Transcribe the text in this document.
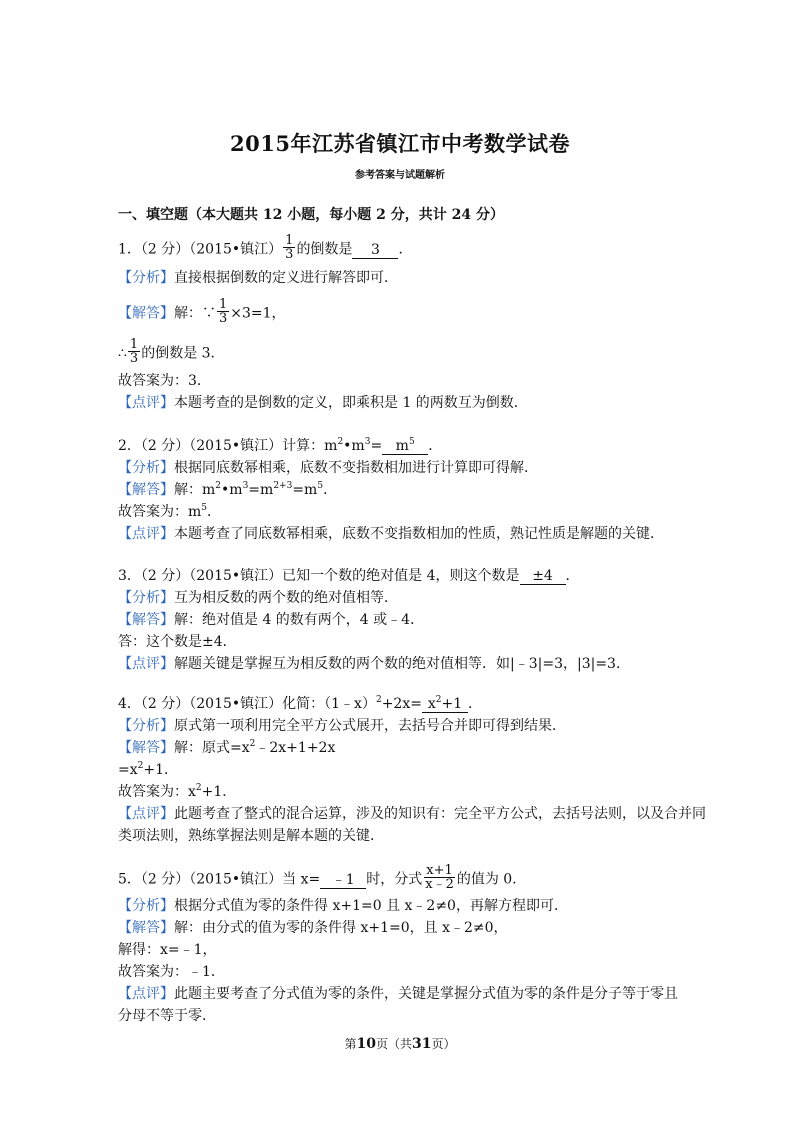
2015年江苏省镇江市中考数学试卷
参考答案与试题解析
一、填空题（本大题共 12 小题，每小题 2 分，共计 24 分）
1．（2 分）（2015•镇江） $\frac{1}{3}$ 的倒数是 3 ．
【分析】直接根据倒数的定义进行解答即可．
【解答】解：∵ $\frac{1}{3} \times 3=1$，
∴ $\frac{1}{3}$ 的倒数是 3．
故答案为：3．
【点评】本题考查的是倒数的定义，即乘积是 1 的两数互为倒数．
2．（2 分）（2015•镇江）计算：$m^2•m^3= m^5$ ．
【分析】根据同底数幂相乘，底数不变指数相加进行计算即可得解．
【解答】解：$m^2•m^3=m^{2+3}=m^5$．
故答案为：$m^5$．
【点评】本题考查了同底数幂相乘，底数不变指数相加的性质，熟记性质是解题的关键．
3．（2 分）（2015•镇江）已知一个数的绝对值是 4，则这个数是 ±4 ．
【分析】互为相反数的两个数的绝对值相等．
【解答】解：绝对值是 4 的数有两个，4 或﹣4．
答：这个数是±4．
【点评】解题关键是掌握互为相反数的两个数的绝对值相等．如|﹣3|=3，|3|=3．
4．（2 分）（2015•镇江）化简：（1﹣x）$^2$+2x= $x^2+1$ ．
【分析】原式第一项利用完全平方公式展开，去括号合并即可得到结果．
【解答】解：原式$=x^2﹣2x+1+2x$
$=x^2+1$．
故答案为：$x^2+1$．
【点评】此题考查了整式的混合运算，涉及的知识有：完全平方公式，去括号法则，以及合并同
类项法则，熟练掌握法则是解本题的关键．
5．（2 分）（2015•镇江）当 x= ﹣1 时，分式 $\frac{x+1}{x﹣2}$ 的值为 0．
【分析】根据分式值为零的条件得 x+1=0 且 x﹣2≠0，再解方程即可．
【解答】解：由分式的值为零的条件得 x+1=0，且 x﹣2≠0，
解得：x=﹣1，
故答案为：﹣1．
【点评】此题主要考查了分式值为零的条件，关键是掌握分式值为零的条件是分子等于零且
分母不等于零．
第10页（共31页）
